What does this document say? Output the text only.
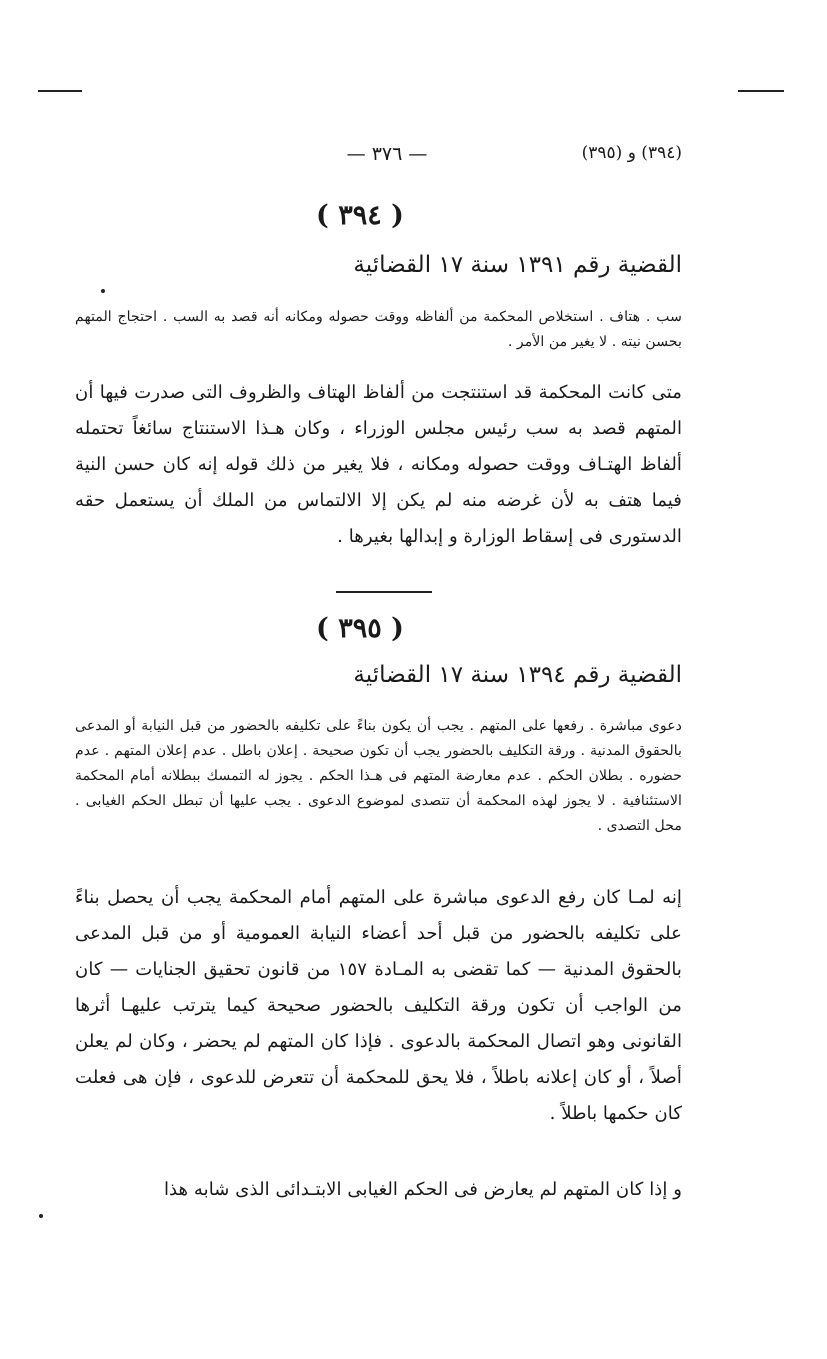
— ٣٧٦ —	(٣٩٤) و (٣٩٥)
( ٣٩٤ )
القضية رقم ١٣٩١ سنة ١٧ القضائية
سب . هتاف . استخلاص المحكمة من ألفاظه ووقت حصوله ومكانه أنه قصد به السب . احتجاج المتهم بحسن نيته . لا يغير من الأمر .
متى كانت المحكمة قد استنتجت من ألفاظ الهتاف والظروف التى صدرت فيها أن المتهم قصد به سب رئيس مجلس الوزراء ، وكان هـذا الاستنتاج سائغاً تحتمله ألفاظ الهتـاف ووقت حصوله ومكانه ، فلا يغير من ذلك قوله إنه كان حسن النية فيما هتف به لأن غرضه منه لم يكن إلا الالتماس من الملك أن يستعمل حقه الدستورى فى إسقاط الوزارة و إبدالها بغيرها .
( ٣٩٥ )
القضية رقم ١٣٩٤ سنة ١٧ القضائية
دعوى مباشرة . رفعها على المتهم . يجب أن يكون بناءً على تكليفه بالحضور من قبل النيابة أو المدعى بالحقوق المدنية . ورقة التكليف بالحضور يجب أن تكون صحيحة . إعلان باطل . عدم إعلان المتهم . عدم حضوره . بطلان الحكم . عدم معارضة المتهم فى هـذا الحكم . يجوز له التمسك ببطلانه أمام المحكمة الاستئنافية . لا يجوز لهذه المحكمة أن تتصدى لموضوع الدعوى . يجب عليها أن تبطل الحكم الغيابى . محل التصدى .
إنه لمـا كان رفع الدعوى مباشرة على المتهم أمام المحكمة يجب أن يحصل بناءً على تكليفه بالحضور من قبل أحد أعضاء النيابة العمومية أو من قبل المدعى بالحقوق المدنية — كما تقضى به المـادة ١٥٧ من قانون تحقيق الجنايات — كان من الواجب أن تكون ورقة التكليف بالحضور صحيحة كيما يترتب عليهـا أثرها القانونى وهو اتصال المحكمة بالدعوى . فإذا كان المتهم لم يحضر ، وكان لم يعلن أصلاً ، أو كان إعلانه باطلاً ، فلا يحق للمحكمة أن تتعرض للدعوى ، فإن هى فعلت كان حكمها باطلاً .
و إذا كان المتهم لم يعارض فى الحكم الغيابى الابتـدائى الذى شابه هذا
